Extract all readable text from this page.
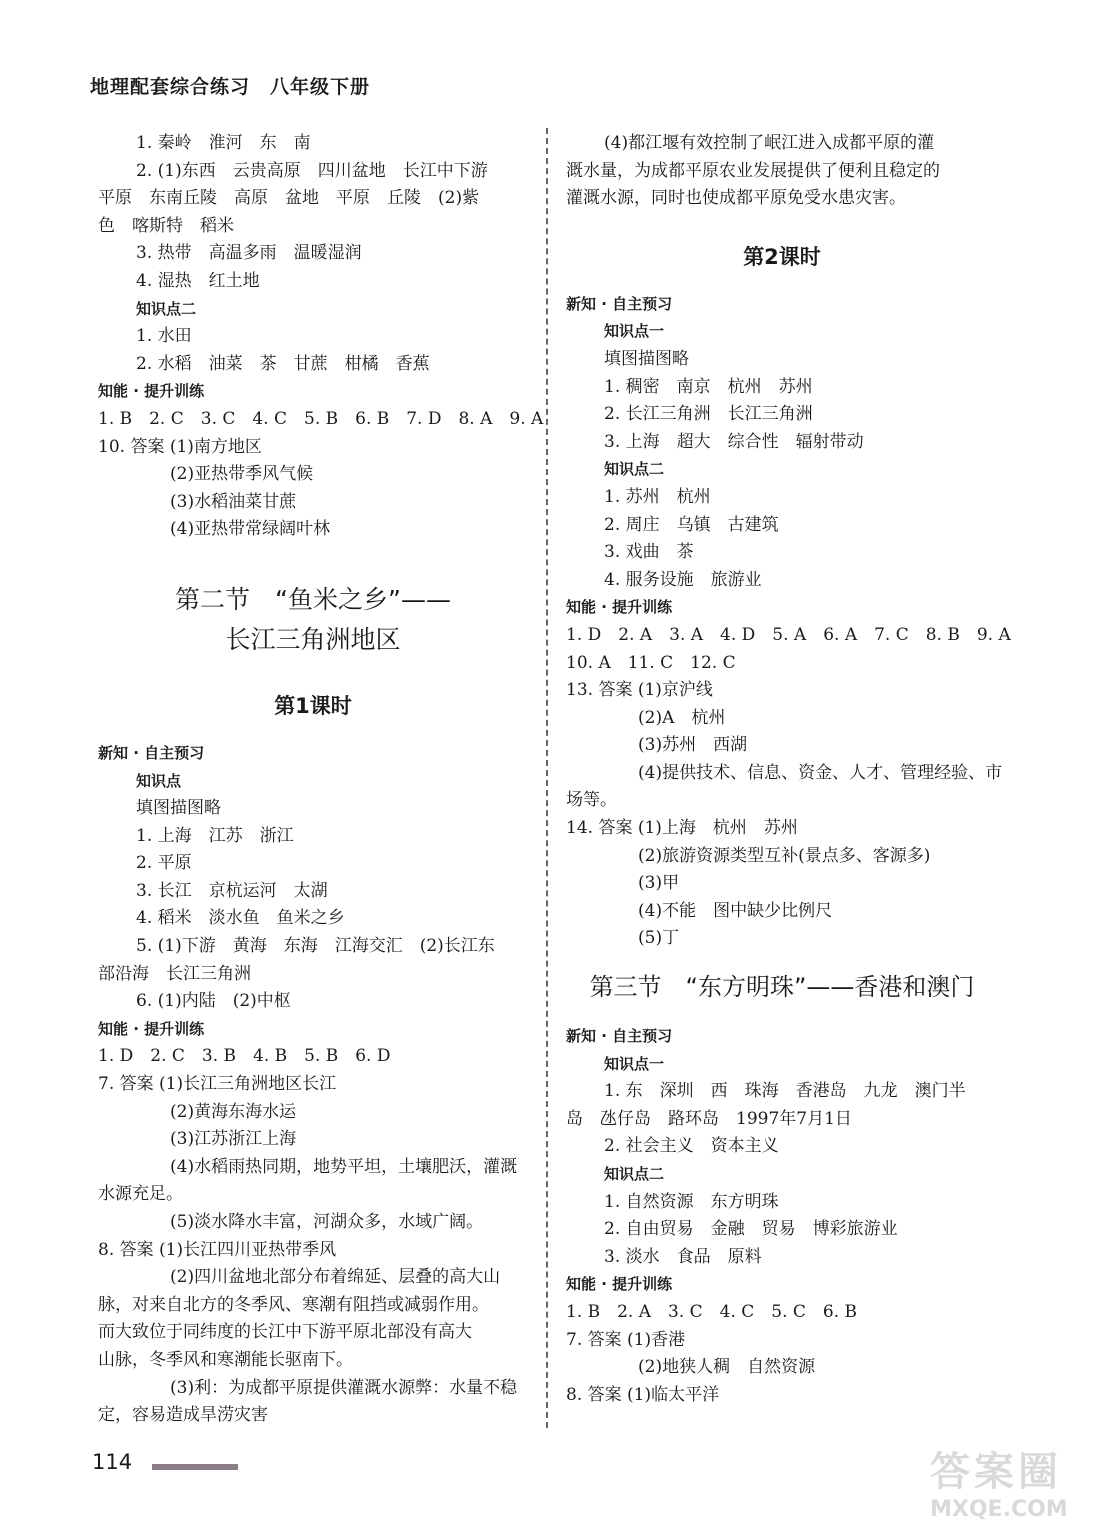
地理配套综合练习　八年级下册
1. 秦岭　淮河　东　南
2. (1)东西　云贵高原　四川盆地　长江中下游
平原　东南丘陵　高原　盆地　平原　丘陵　(2)紫
色　喀斯特　稻米
3. 热带　高温多雨　温暖湿润
4. 湿热　红土地
知识点二
1. 水田
2. 水稻　油菜　茶　甘蔗　柑橘　香蕉
知能 · 提升训练
1. B　2. C　3. C　4. C　5. B　6. B　7. D　8. A　9. A
10. 答案 (1)南方地区
(2)亚热带季风气候
(3)水稻油菜甘蔗
(4)亚热带常绿阔叶林
第二节　“鱼米之乡”——
长江三角洲地区
第1课时
新知 · 自主预习
知识点
填图描图略
1. 上海　江苏　浙江
2. 平原
3. 长江　京杭运河　太湖
4. 稻米　淡水鱼　鱼米之乡
5. (1)下游　黄海　东海　江海交汇　(2)长江东
部沿海　长江三角洲
6. (1)内陆　(2)中枢
知能 · 提升训练
1. D　2. C　3. B　4. B　5. B　6. D
7. 答案 (1)长江三角洲地区长江
(2)黄海东海水运
(3)江苏浙江上海
(4)水稻雨热同期，地势平坦，土壤肥沃，灌溉
水源充足。
(5)淡水降水丰富，河湖众多，水域广阔。
8. 答案 (1)长江四川亚热带季风
(2)四川盆地北部分布着绵延、层叠的高大山
脉，对来自北方的冬季风、寒潮有阻挡或减弱作用。
而大致位于同纬度的长江中下游平原北部没有高大
山脉，冬季风和寒潮能长驱南下。
(3)利：为成都平原提供灌溉水源弊：水量不稳
定，容易造成旱涝灾害
(4)都江堰有效控制了岷江进入成都平原的灌
溉水量，为成都平原农业发展提供了便利且稳定的
灌溉水源，同时也使成都平原免受水患灾害。
第2课时
新知 · 自主预习
知识点一
填图描图略
1. 稠密　南京　杭州　苏州
2. 长江三角洲　长江三角洲
3. 上海　超大　综合性　辐射带动
知识点二
1. 苏州　杭州
2. 周庄　乌镇　古建筑
3. 戏曲　茶
4. 服务设施　旅游业
知能 · 提升训练
1. D　2. A　3. A　4. D　5. A　6. A　7. C　8. B　9. A
10. A　11. C　12. C
13. 答案 (1)京沪线
(2)A　杭州
(3)苏州　西湖
(4)提供技术、信息、资金、人才、管理经验、市
场等。
14. 答案 (1)上海　杭州　苏州
(2)旅游资源类型互补(景点多、客源多)
(3)甲
(4)不能　图中缺少比例尺
(5)丁
第三节　“东方明珠”——香港和澳门
新知 · 自主预习
知识点一
1. 东　深圳　西　珠海　香港岛　九龙　澳门半
岛　氹仔岛　路环岛　1997年7月1日
2. 社会主义　资本主义
知识点二
1. 自然资源　东方明珠
2. 自由贸易　金融　贸易　博彩旅游业
3. 淡水　食品　原料
知能 · 提升训练
1. B　2. A　3. C　4. C　5. C　6. B
7. 答案 (1)香港
(2)地狭人稠　自然资源
8. 答案 (1)临太平洋
114	答案圈
MXQE.COM
